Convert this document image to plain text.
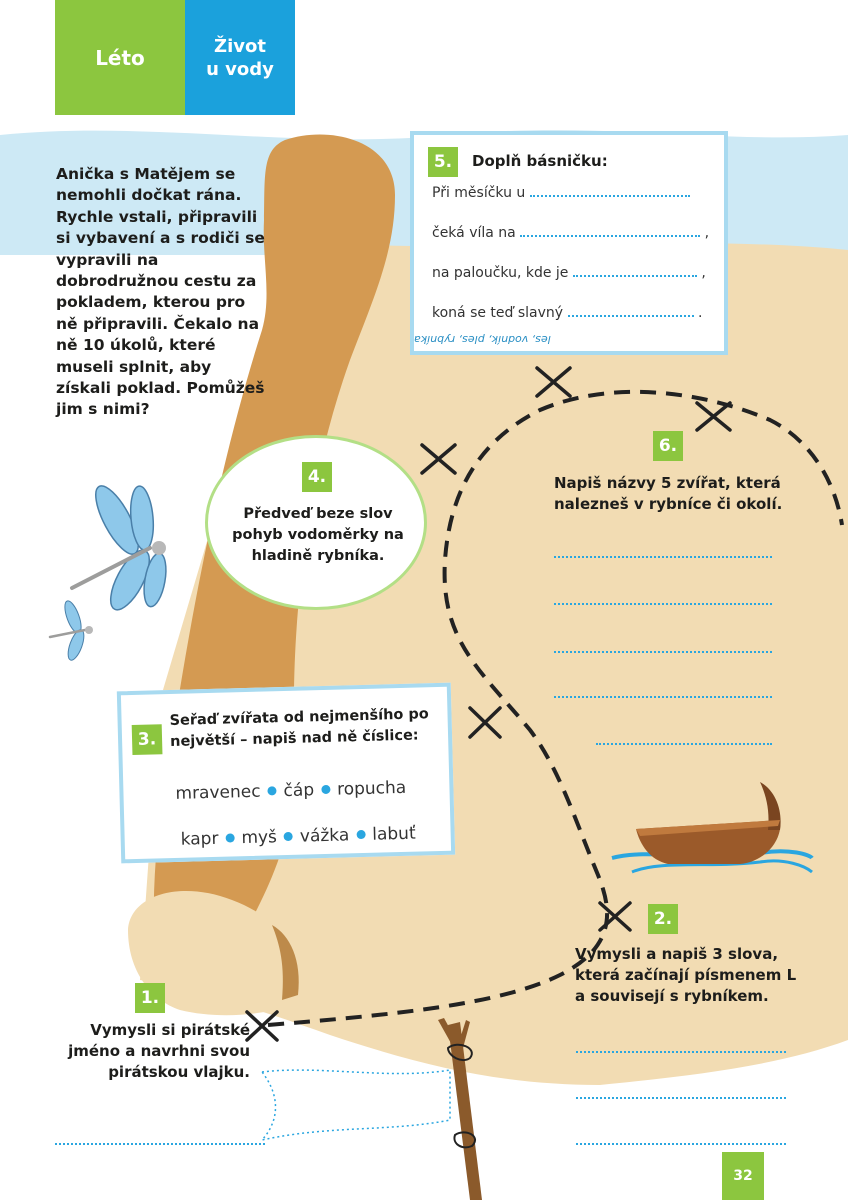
Léto	Život
u vody
Anička s Matějem se nemohli dočkat rána. Rychle vstali, připravili si vybavení a s rodiči se vypravili na dobrodružnou cestu za pokladem, kterou pro ně připravili. Čekalo na ně 10 úkolů, které museli splnit, aby získali poklad. Pomůžeš jim s nimi?
5.	Doplň básničku:
Při měsíčku u
čeká víla na	,
na paloučku, kde je	,
koná se teď slavný	.
les, vodník, ples, rybníka
4.
Předveď beze slov pohyb vodoměrky na hladině rybníka.
3.
Seřaď zvířata od nejmenšího po největší – napiš nad ně číslice:
mravenec čáp ropucha
kapr myš vážka labuť
6.
Napiš názvy 5 zvířat, která nalezneš v rybníce či okolí.
2.
Vymysli a napiš 3 slova, která začínají písmenem L a souvisejí s rybníkem.
1.
Vymysli si pirátské jméno a navrhni svou pirátskou vlajku.
32
